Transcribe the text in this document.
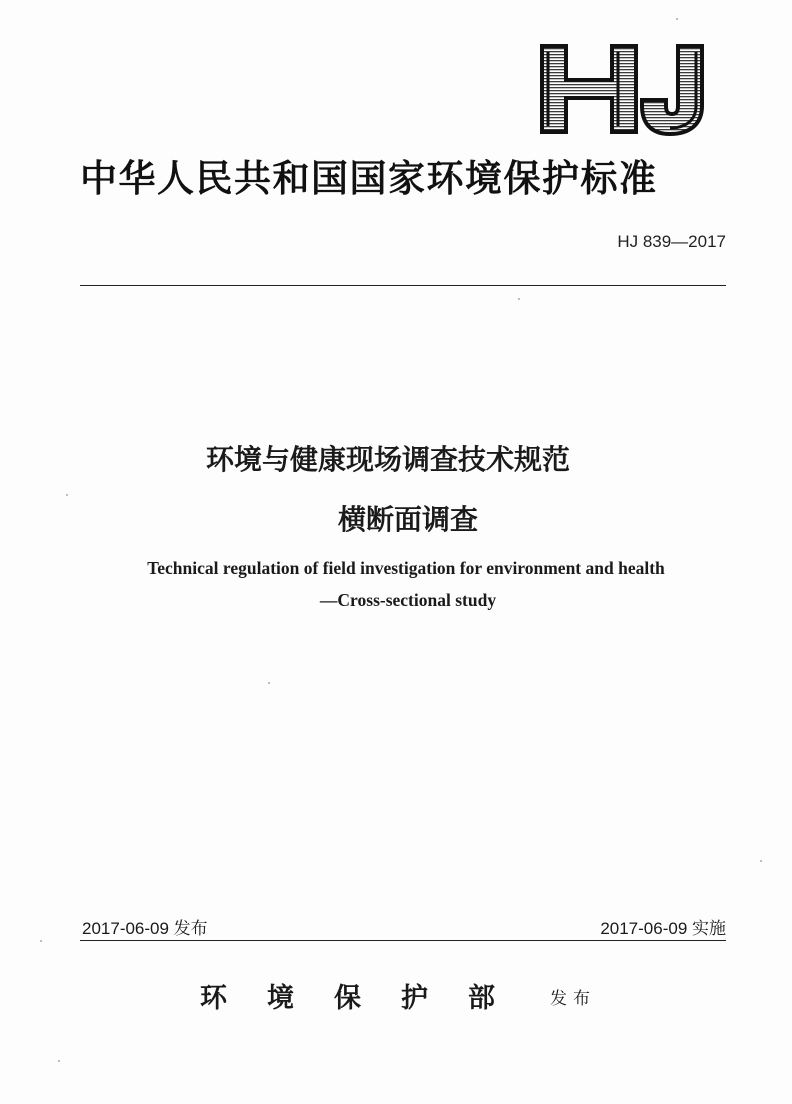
中华人民共和国国家环境保护标准
HJ 839—2017
环境与健康现场调查技术规范
横断面调查
Technical regulation of field investigation for environment and health
—Cross-sectional study
2017-06-09 发布	2017-06-09 实施
环境保护部 发布
